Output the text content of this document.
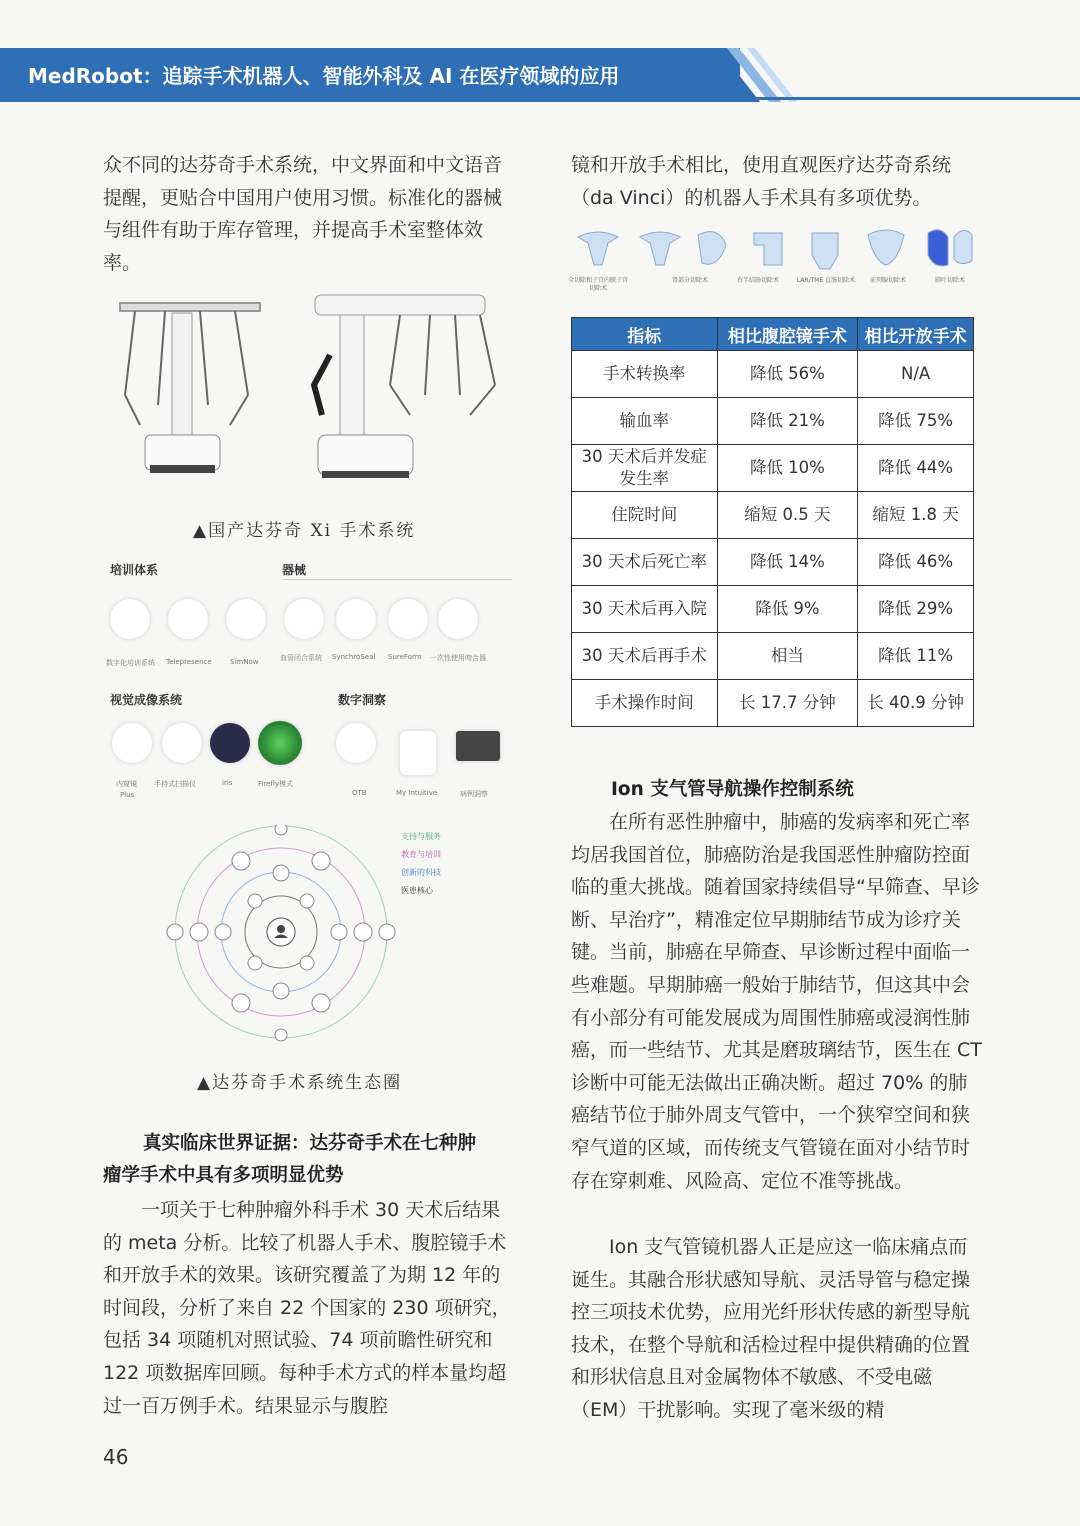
MedRobot：追踪手术机器人、智能外科及 AI 在医疗领域的应用
众不同的达芬奇手术系统，中文界面和中文语音提醒，更贴合中国用户使用习惯。标准化的器械与组件有助于库存管理，并提高手术室整体效率。
▲国产达芬奇 Xi 手术系统
培训体系	器械
数字化培训系统 Telepresence	SimNow	血管闭合系统 SynchroSeal SureForm 一次性使用吻合器
视觉成像系统	数字洞察
内窥镜
Plus
手持式扫描仪	iris	Firefly模式
OTB	My Intuitive	病例洞察
支持与服务
教育与培训
创新的科技
医患核心
▲达芬奇手术系统生态圈
真实临床世界证据：达芬奇手术在七种肿
瘤学手术中具有多项明显优势
一项关于七种肿瘤外科手术 30 天术后结果的 meta 分析。比较了机器人手术、腹腔镜手术和开放手术的效果。该研究覆盖了为期 12 年的时间段，分析了来自 22 个国家的 230 项研究，包括 34 项随机对照试验、74 项前瞻性研究和 122 项数据库回顾。每种手术方式的样本量均超过一百万例手术。结果显示与腹腔
镜和开放手术相比，使用直观医疗达芬奇系统（da Vinci）的机器人手术具有多项优势。
全切除和子宫内膜子宫切除术
肾部分切除术	右半结肠切除术	LAR/TME 直肠切除术	前列腺切除术	肺叶切除术
指标	相比腹腔镜手术	相比开放手术
手术转换率	降低 56%	N/A
输血率	降低 21%	降低 75%
30 天术后并发症发生率	降低 10%	降低 44%
住院时间	缩短 0.5 天	缩短 1.8 天
30 天术后死亡率	降低 14%	降低 46%
30 天术后再入院	降低 9%	降低 29%
30 天术后再手术	相当	降低 11%
手术操作时间	长 17.7 分钟	长 40.9 分钟
Ion 支气管导航操作控制系统
在所有恶性肿瘤中，肺癌的发病率和死亡率均居我国首位，肺癌防治是我国恶性肿瘤防控面临的重大挑战。随着国家持续倡导“早筛查、早诊断、早治疗”，精准定位早期肺结节成为诊疗关键。当前，肺癌在早筛查、早诊断过程中面临一些难题。早期肺癌一般始于肺结节，但这其中会有小部分有可能发展成为周围性肺癌或浸润性肺癌，而一些结节、尤其是磨玻璃结节，医生在 CT 诊断中可能无法做出正确决断。超过 70% 的肺癌结节位于肺外周支气管中，一个狭窄空间和狭窄气道的区域，而传统支气管镜在面对小结节时存在穿刺难、风险高、定位不准等挑战。
Ion 支气管镜机器人正是应这一临床痛点而诞生。其融合形状感知导航、灵活导管与稳定操控三项技术优势，应用光纤形状传感的新型导航技术，在整个导航和活检过程中提供精确的位置和形状信息且对金属物体不敏感、不受电磁（EM）干扰影响。实现了毫米级的精
46
